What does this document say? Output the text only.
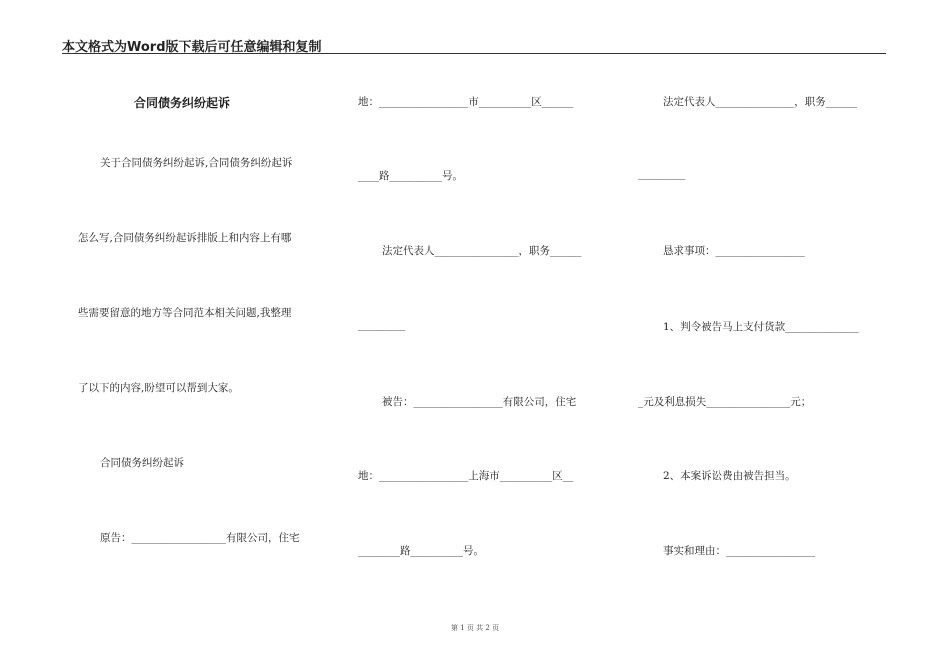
本文格式为Word版下载后可任意编辑和复制
合同债务纠纷起诉
关于合同债务纠纷起诉,合同债务纠纷起诉
怎么写,合同债务纠纷起诉排版上和内容上有哪
些需要留意的地方等合同范本相关问题,我整理
了以下的内容,盼望可以帮到大家。
合同债务纠纷起诉
原告：__________________有限公司，住宅
地：_________________市__________区______
____路__________号。
法定代表人________________，职务______
_________
被告：_________________有限公司，住宅
地：_________________上海市__________区__
________路__________号。
法定代表人_______________，职务______
_________
恳求事项：_________________
1、判令被告马上支付货款______________
_元及利息损失________________元；
2、本案诉讼费由被告担当。
事实和理由：_________________
第 1 页 共 2 页
